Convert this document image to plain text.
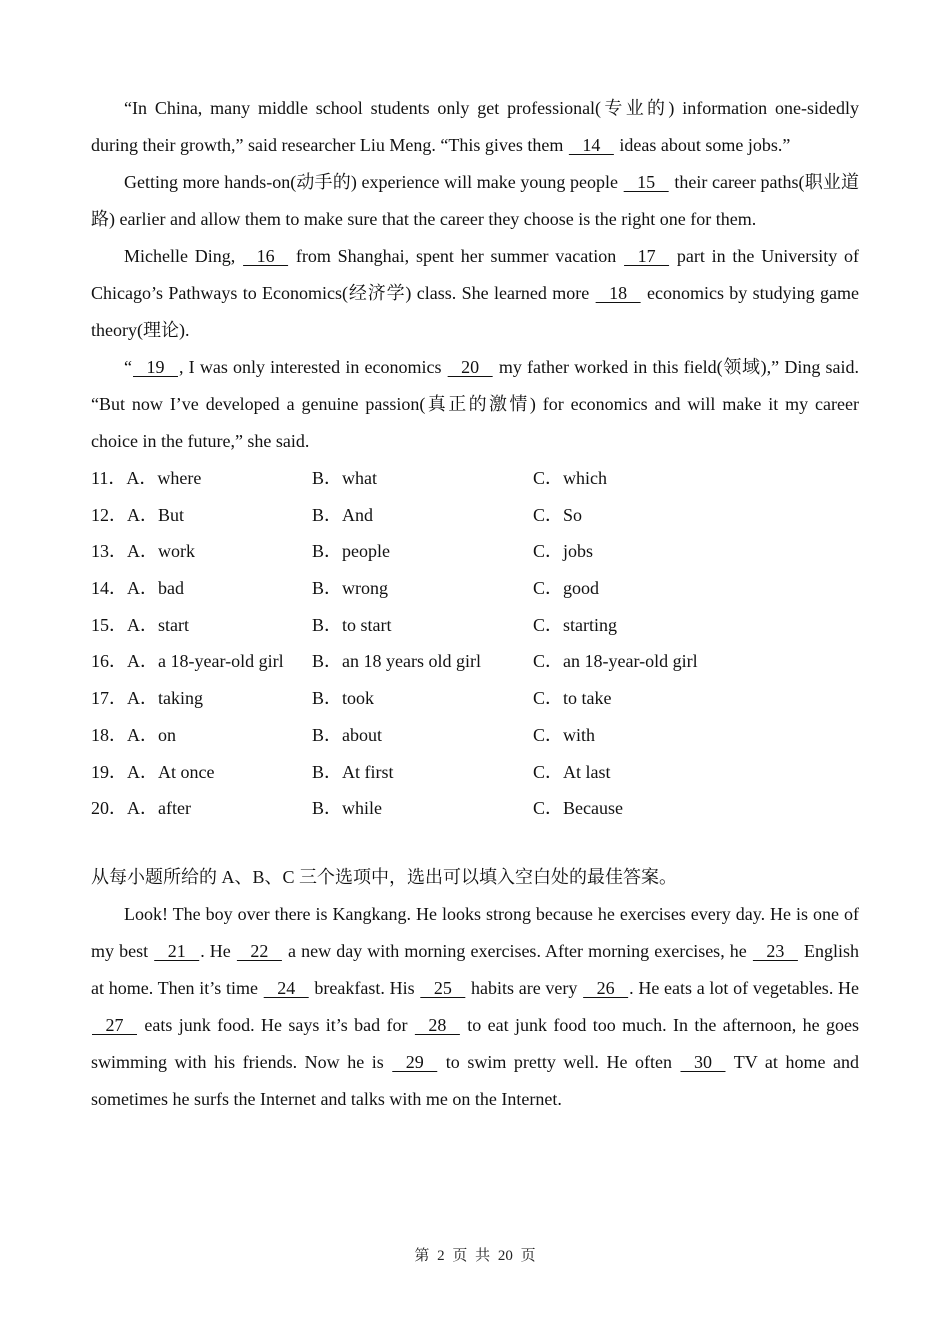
“In China, many middle school students only get professional(专业的) information one-sidedly during their growth,” said researcher Liu Meng. “This gives them    14    ideas about some jobs.”

Getting more hands-on(动手的) experience will make young people    15    their career paths(职业道路) earlier and allow them to make sure that the career they choose is the right one for them.

Michelle Ding,    16    from Shanghai, spent her summer vacation    17    part in the University of Chicago’s Pathways to Economics(经济学) class. She learned more    18    economics by studying game theory(理论).

“   19   , I was only interested in economics    20    my father worked in this field(领域),” Ding said. “But now I’ve developed a genuine passion(真正的激情) for economics and will make it my career choice in the future,” she said.

11．A．where	B．what	C．which
12．A．But	B．And	C．So
13．A．work	B．people	C．jobs
14．A．bad	B．wrong	C．good
15．A．start	B．to start	C．starting
16．A．a 18-year-old girl	B．an 18 years old girl	C．an 18-year-old girl
17．A．taking	B．took	C．to take
18．A．on	B．about	C．with
19．A．At once	B．At first	C．At last
20．A．after	B．while	C．Because
从每小题所给的 A、B、C 三个选项中，选出可以填入空白处的最佳答案。

Look! The boy over there is Kangkang. He looks strong because he exercises every day. He is one of my best    21   . He    22    a new day with morning exercises. After morning exercises, he    23    English at home. Then it’s time    24    breakfast. His    25    habits are very    26   . He eats a lot of vegetables. He    27    eats junk food. He says it’s bad for    28    to eat junk food too much. In the afternoon, he goes swimming with his friends. Now he is    29    to swim pretty well. He often    30    TV at home and sometimes he surfs the Internet and talks with me on the Internet.

第 2 页 共 20 页
